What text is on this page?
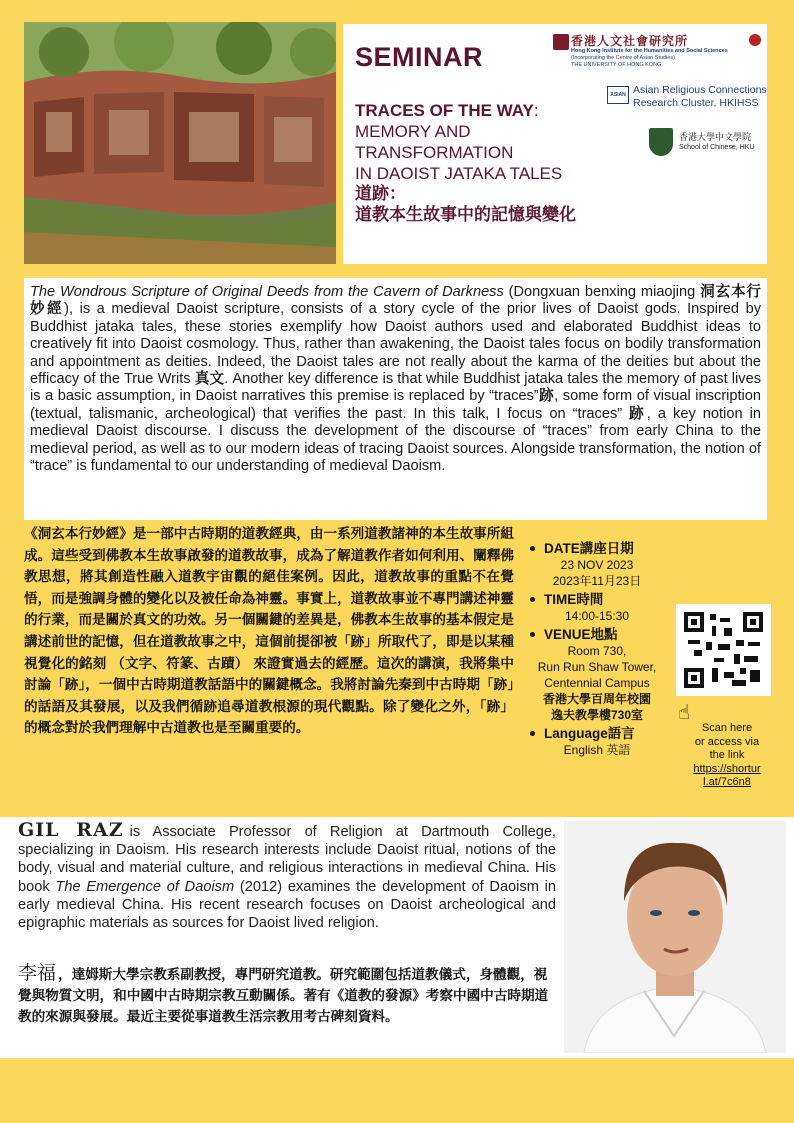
SEMINAR
TRACES OF THE WAY:
MEMORY AND
TRANSFORMATION
IN DAOIST JATAKA TALES
道跡：
道教本生故事中的記憶與變化
香港人文社會研究所
Hong Kong Institute for the Humanities and Social Sciences
(Incorporating the Centre of Asian Studies)
THE UNIVERSITY OF HONG KONG
ASIAN Asian Religious Connections
Research Cluster, HKIHSS
香港大學中文學院
School of Chinese, HKU

The Wondrous Scripture of Original Deeds from the Cavern of Darkness (Dongxuan benxing miaojing 洞玄本行妙經), is a medieval Daoist scripture, consists of a story cycle of the prior lives of Daoist gods. Inspired by Buddhist jataka tales, these stories exemplify how Daoist authors used and elaborated Buddhist ideas to creatively fit into Daoist cosmology. Thus, rather than awakening, the Daoist tales focus on bodily transformation and appointment as deities. Indeed, the Daoist tales are not really about the karma of the deities but about the efficacy of the True Writs 真文. Another key difference is that while Buddhist jataka tales the memory of past lives is a basic assumption, in Daoist narratives this premise is replaced by “traces”跡, some form of visual inscription (textual, talismanic, archeological) that verifies the past. In this talk, I focus on “traces” 跡, a key notion in medieval Daoist discourse. I discuss the development of the discourse of “traces” from early China to the medieval period, as well as to our modern ideas of tracing Daoist sources. Alongside transformation, the notion of “trace” is fundamental to our understanding of medieval Daoism.

《洞玄本行妙經》是一部中古時期的道教經典，由一系列道教諸神的本生故事所組成。這些受到佛教本生故事啟發的道教故事，成為了解道教作者如何利用、闡釋佛教思想，將其創造性融入道教宇宙觀的絕佳案例。因此，道教故事的重點不在覺悟，而是強調身體的變化以及被任命為神靈。事實上，道教故事並不專門講述神靈的行業，而是關於真文的功效。另一個關鍵的差異是，佛教本生故事的基本假定是講述前世的記憶，但在道教故事之中，這個前提卻被「跡」所取代了，即是以某種視覺化的銘刻 （文字、符篆、古蹟） 來證實過去的經歷。這次的講演，我將集中討論「跡」，一個中古時期道教話語中的關鍵概念。我將討論先秦到中古時期「跡」的話語及其發展，以及我們循跡追尋道教根源的現代觀點。除了變化之外，「跡」的概念對於我們理解中古道教也是至關重要的。

DATE講座日期
23 NOV 2023
2023年11月23日
TIME時間
14:00-15:30
VENUE地點
Room 730,
Run Run Shaw Tower,
Centennial Campus
香港大學百周年校園
逸夫教學樓730室
Language語言
English 英語
☝
Scan here
or access via
the link
https://shortur l.at/7c6n8

GIL RAZ is Associate Professor of Religion at Dartmouth College, specializing in Daoism. His research interests include Daoist ritual, notions of the body, visual and material culture, and religious interactions in medieval China. His book The Emergence of Daoism (2012) examines the development of Daoism in early medieval China. His recent research focuses on Daoist archeological and epigraphic materials as sources for Daoist lived religion.

李福 ，達姆斯大學宗教系副教授，專門研究道教。研究範圍包括道教儀式，身體觀，視覺與物質文明，和中國中古時期宗教互動關係。著有《道教的發源》考察中國中古時期道教的來源與發展。最近主要從事道教生活宗教用考古碑刻資料。
